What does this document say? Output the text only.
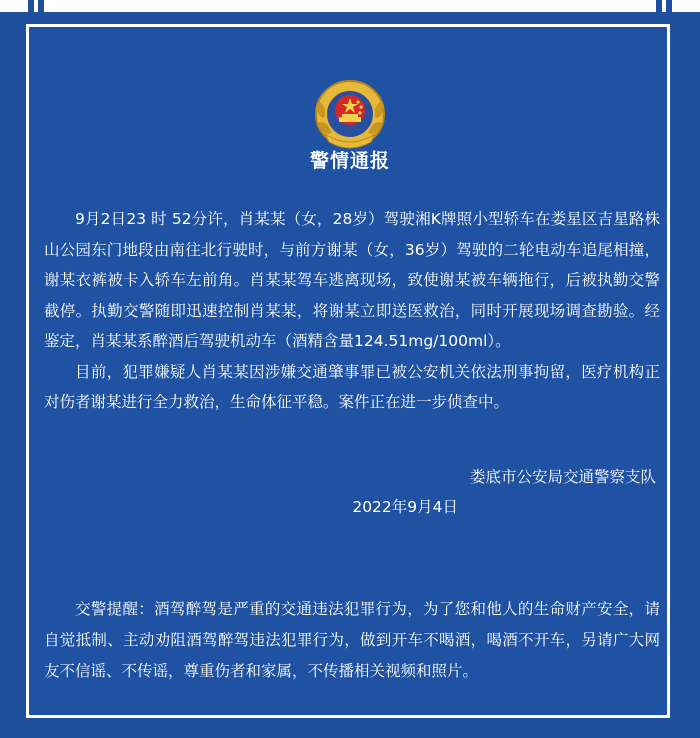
警情通报

9月2日23 时 52分许，肖某某（女，28岁）驾驶湘K牌照小型轿车在娄星区吉星路株山公园东门地段由南往北行驶时，与前方谢某（女，36岁）驾驶的二轮电动车追尾相撞，谢某衣裤被卡入轿车左前角。肖某某驾车逃离现场，致使谢某被车辆拖行，后被执勤交警截停。执勤交警随即迅速控制肖某某，将谢某立即送医救治，同时开展现场调查勘验。经鉴定，肖某某系醉酒后驾驶机动车（酒精含量124.51mg/100ml）。

目前，犯罪嫌疑人肖某某因涉嫌交通肇事罪已被公安机关依法刑事拘留，医疗机构正对伤者谢某进行全力救治，生命体征平稳。案件正在进一步侦查中。

娄底市公安局交通警察支队
2022年9月4日

交警提醒：酒驾醉驾是严重的交通违法犯罪行为，为了您和他人的生命财产安全，请自觉抵制、主动劝阻酒驾醉驾违法犯罪行为，做到开车不喝酒，喝酒不开车，另请广大网友不信谣、不传谣，尊重伤者和家属，不传播相关视频和照片。
